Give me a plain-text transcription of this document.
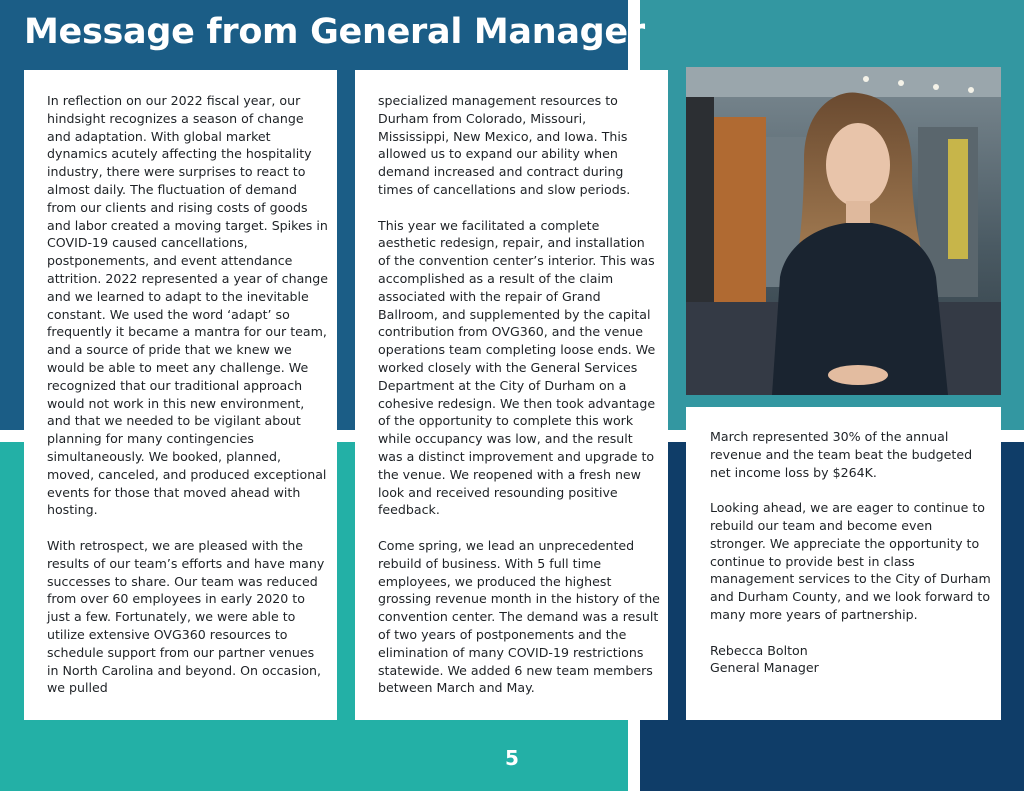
Message from General Manager

In reflection on our 2022 fiscal year, our hindsight recognizes a season of change and adaptation. With global market dynamics acutely affecting the hospitality industry, there were surprises to react to almost daily. The fluctuation of demand from our clients and rising costs of goods and labor created a moving target. Spikes in COVID-19 caused cancellations, postponements, and event attendance attrition. 2022 represented a year of change and we learned to adapt to the inevitable constant. We used the word ‘adapt’ so frequently it became a mantra for our team, and a source of pride that we knew we would be able to meet any challenge. We recognized that our traditional approach would not work in this new environment, and that we needed to be vigilant about planning for many contingencies simultaneously. We booked, planned, moved, canceled, and produced exceptional events for those that moved ahead with hosting.

With retrospect, we are pleased with the results of our team’s efforts and have many successes to share. Our team was reduced from over 60 employees in early 2020 to just a few. Fortunately, we were able to utilize extensive OVG360 resources to schedule support from our partner venues in North Carolina and beyond. On occasion, we pulled

specialized management resources to Durham from Colorado, Missouri, Mississippi, New Mexico, and Iowa. This allowed us to expand our ability when demand increased and contract during times of cancellations and slow periods.

This year we facilitated a complete aesthetic redesign, repair, and installation of the convention center’s interior. This was accomplished as a result of the claim associated with the repair of Grand Ballroom, and supplemented by the capital contribution from OVG360, and the venue operations team completing loose ends. We worked closely with the General Services Department at the City of Durham on a cohesive redesign. We then took advantage of the opportunity to complete this work while occupancy was low, and the result was a distinct improvement and upgrade to the venue. We reopened with a fresh new look and received resounding positive feedback.

Come spring, we lead an unprecedented rebuild of business. With 5 full time employees, we produced the highest grossing revenue month in the history of the convention center. The demand was a result of two years of postponements and the elimination of many COVID-19 restrictions statewide. We added 6 new team members between March and May.

March represented 30% of the annual revenue and the team beat the budgeted net income loss by $264K.

Looking ahead, we are eager to continue to rebuild our team and become even stronger. We appreciate the opportunity to continue to provide best in class management services to the City of Durham and Durham County, and we look forward to many more years of partnership.

Rebecca Bolton
General Manager
5
